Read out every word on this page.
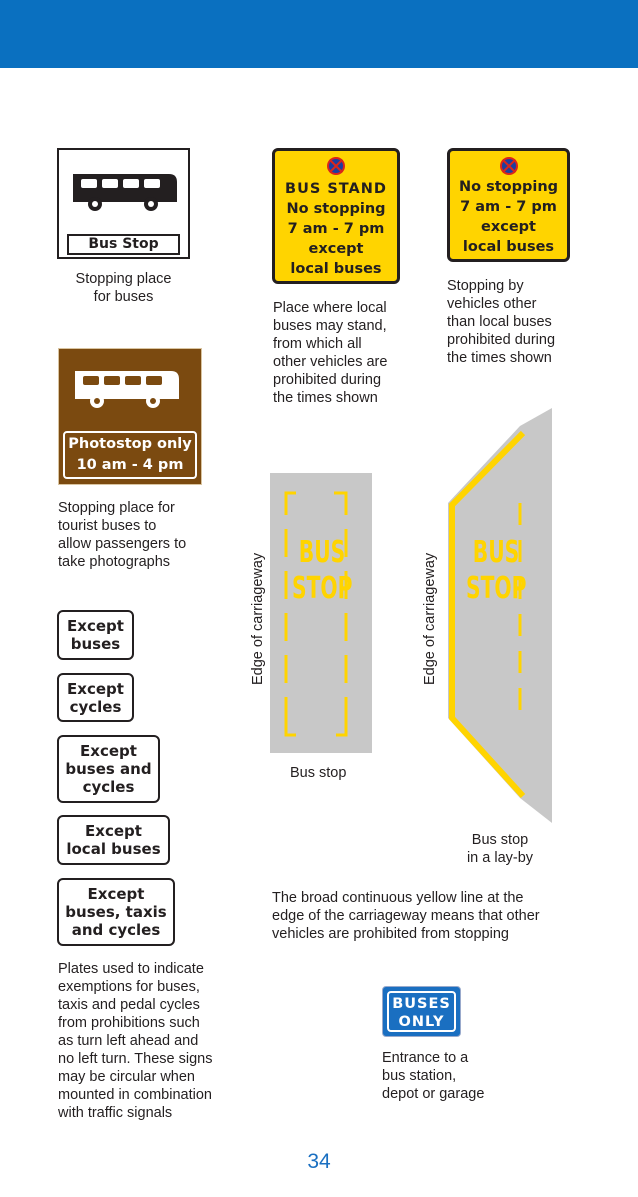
Bus Stop
Stopping place
for buses
BUS STAND
No stopping
7 am - 7 pm
except
local buses
Place where local
buses may stand,
from which all
other vehicles are
prohibited during
the times shown
No stopping
7 am - 7 pm
except
local buses
Stopping by
vehicles other
than local buses
prohibited during
the times shown
Photostop only
10 am - 4 pm
Stopping place for
tourist buses to
allow passengers to
take photographs
Except
buses
Except
cycles
Except
buses and
cycles
Except
local buses
Except
buses, taxis
and cycles
Plates used to indicate
exemptions for buses,
taxis and pedal cycles
from prohibitions such
as turn left ahead and
no left turn. These signs
may be circular when
mounted in combination
with traffic signals
Edge of carriageway
BUS
STOP
Bus stop
Edge of carriageway
BUS
STOP
Bus stop
in a lay-by
The broad continuous yellow line at the
edge of the carriageway means that other
vehicles are prohibited from stopping
BUSES
ONLY
Entrance to a
bus station,
depot or garage
34
